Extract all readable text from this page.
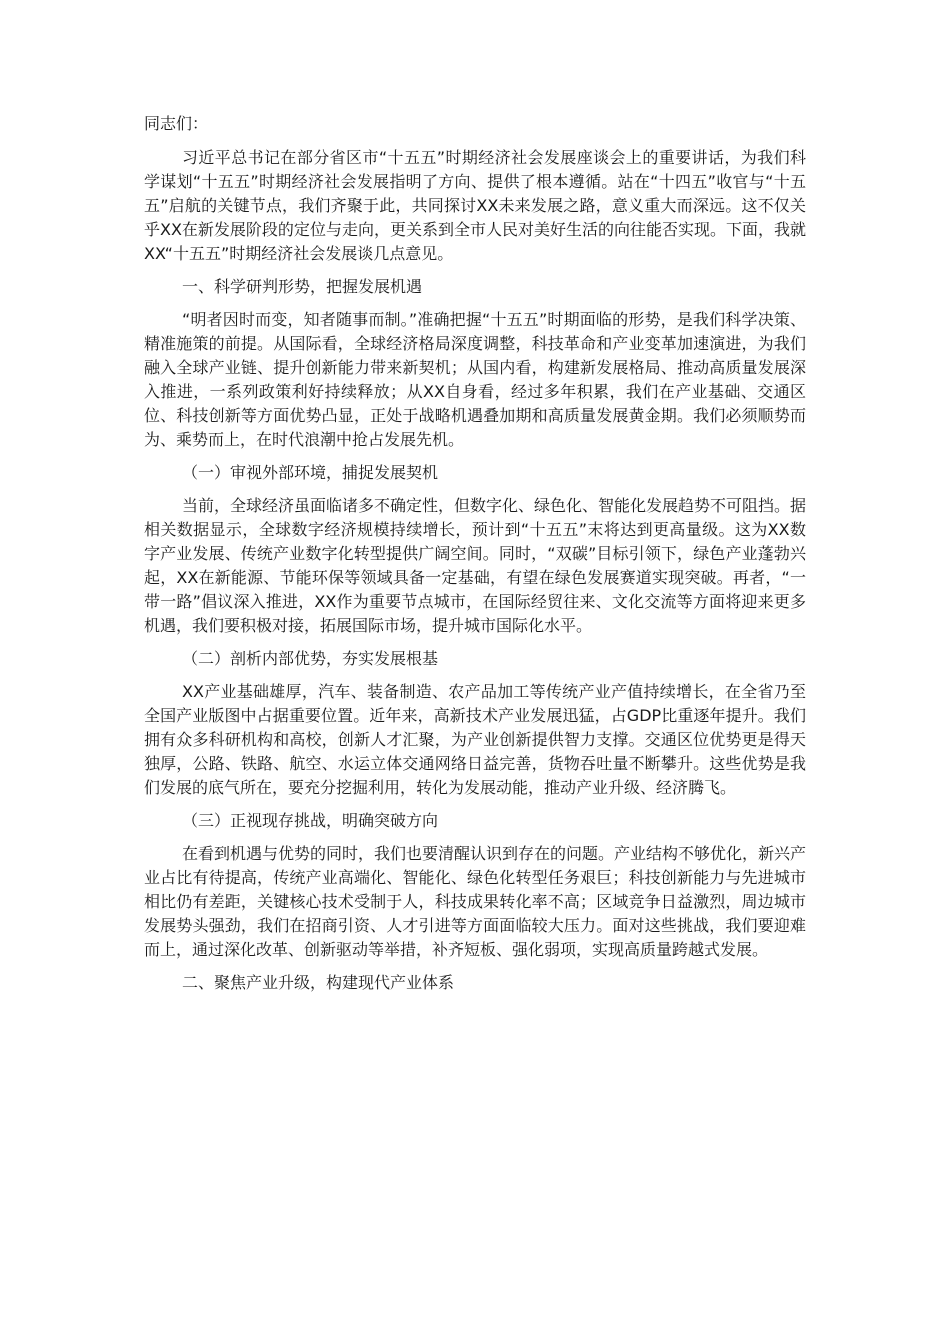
同志们：

习近平总书记在部分省区市“十五五”时期经济社会发展座谈会上的重要讲话，为我们科学谋划“十五五”时期经济社会发展指明了方向、提供了根本遵循。站在“十四五”收官与“十五五”启航的关键节点，我们齐聚于此，共同探讨XX未来发展之路，意义重大而深远。这不仅关乎XX在新发展阶段的定位与走向，更关系到全市人民对美好生活的向往能否实现。下面，我就XX“十五五”时期经济社会发展谈几点意见。

一、科学研判形势，把握发展机遇

“明者因时而变，知者随事而制。”准确把握“十五五”时期面临的形势，是我们科学决策、精准施策的前提。从国际看，全球经济格局深度调整，科技革命和产业变革加速演进，为我们融入全球产业链、提升创新能力带来新契机；从国内看，构建新发展格局、推动高质量发展深入推进，一系列政策利好持续释放；从XX自身看，经过多年积累，我们在产业基础、交通区位、科技创新等方面优势凸显，正处于战略机遇叠加期和高质量发展黄金期。我们必须顺势而为、乘势而上，在时代浪潮中抢占发展先机。

（一）审视外部环境，捕捉发展契机

当前，全球经济虽面临诸多不确定性，但数字化、绿色化、智能化发展趋势不可阻挡。据相关数据显示，全球数字经济规模持续增长，预计到“十五五”末将达到更高量级。这为XX数字产业发展、传统产业数字化转型提供广阔空间。同时，“双碳”目标引领下，绿色产业蓬勃兴起，XX在新能源、节能环保等领域具备一定基础，有望在绿色发展赛道实现突破。再者，“一带一路”倡议深入推进，XX作为重要节点城市，在国际经贸往来、文化交流等方面将迎来更多机遇，我们要积极对接，拓展国际市场，提升城市国际化水平。

（二）剖析内部优势，夯实发展根基

XX产业基础雄厚，汽车、装备制造、农产品加工等传统产业产值持续增长，在全省乃至全国产业版图中占据重要位置。近年来，高新技术产业发展迅猛，占GDP比重逐年提升。我们拥有众多科研机构和高校，创新人才汇聚，为产业创新提供智力支撑。交通区位优势更是得天独厚，公路、铁路、航空、水运立体交通网络日益完善，货物吞吐量不断攀升。这些优势是我们发展的底气所在，要充分挖掘利用，转化为发展动能，推动产业升级、经济腾飞。

（三）正视现存挑战，明确突破方向

在看到机遇与优势的同时，我们也要清醒认识到存在的问题。产业结构不够优化，新兴产业占比有待提高，传统产业高端化、智能化、绿色化转型任务艰巨；科技创新能力与先进城市相比仍有差距，关键核心技术受制于人，科技成果转化率不高；区域竞争日益激烈，周边城市发展势头强劲，我们在招商引资、人才引进等方面面临较大压力。面对这些挑战，我们要迎难而上，通过深化改革、创新驱动等举措，补齐短板、强化弱项，实现高质量跨越式发展。

二、聚焦产业升级，构建现代产业体系
